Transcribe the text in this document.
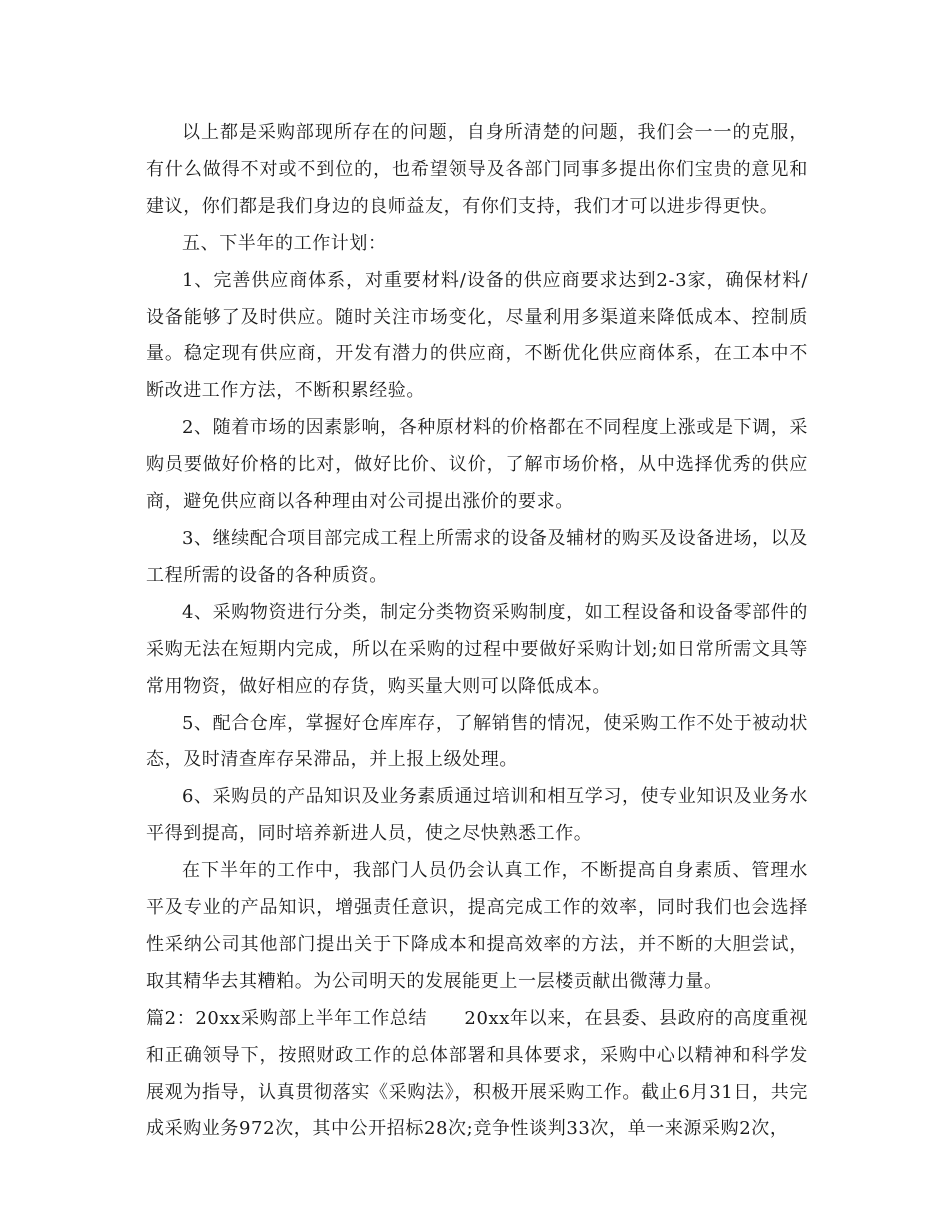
以上都是采购部现所存在的问题，自身所清楚的问题，我们会一一的克服，有什么做得不对或不到位的，也希望领导及各部门同事多提出你们宝贵的意见和建议，你们都是我们身边的良师益友，有你们支持，我们才可以进步得更快。

五、下半年的工作计划：

1、完善供应商体系，对重要材料/设备的供应商要求达到2-3家，确保材料/设备能够了及时供应。随时关注市场变化，尽量利用多渠道来降低成本、控制质量。稳定现有供应商，开发有潜力的供应商，不断优化供应商体系，在工本中不断改进工作方法，不断积累经验。

2、随着市场的因素影响，各种原材料的价格都在不同程度上涨或是下调，采购员要做好价格的比对，做好比价、议价，了解市场价格，从中选择优秀的供应商，避免供应商以各种理由对公司提出涨价的要求。

3、继续配合项目部完成工程上所需求的设备及辅材的购买及设备进场，以及工程所需的设备的各种质资。

4、采购物资进行分类，制定分类物资采购制度，如工程设备和设备零部件的采购无法在短期内完成，所以在采购的过程中要做好采购计划;如日常所需文具等常用物资，做好相应的存货，购买量大则可以降低成本。

5、配合仓库，掌握好仓库库存，了解销售的情况，使采购工作不处于被动状态，及时清查库存呆滞品，并上报上级处理。

6、采购员的产品知识及业务素质通过培训和相互学习，使专业知识及业务水平得到提高，同时培养新进人员，使之尽快熟悉工作。

在下半年的工作中，我部门人员仍会认真工作，不断提高自身素质、管理水平及专业的产品知识，增强责任意识，提高完成工作的效率，同时我们也会选择性采纳公司其他部门提出关于下降成本和提高效率的方法，并不断的大胆尝试，取其精华去其糟粕。为公司明天的发展能更上一层楼贡献出微薄力量。

篇2：20xx采购部上半年工作总结　　20xx年以来，在县委、县政府的高度重视和正确领导下，按照财政工作的总体部署和具体要求，采购中心以精神和科学发展观为指导，认真贯彻落实《采购法》，积极开展采购工作。截止6月31日，共完成采购业务972次，其中公开招标28次;竞争性谈判33次，单一来源采购2次，
